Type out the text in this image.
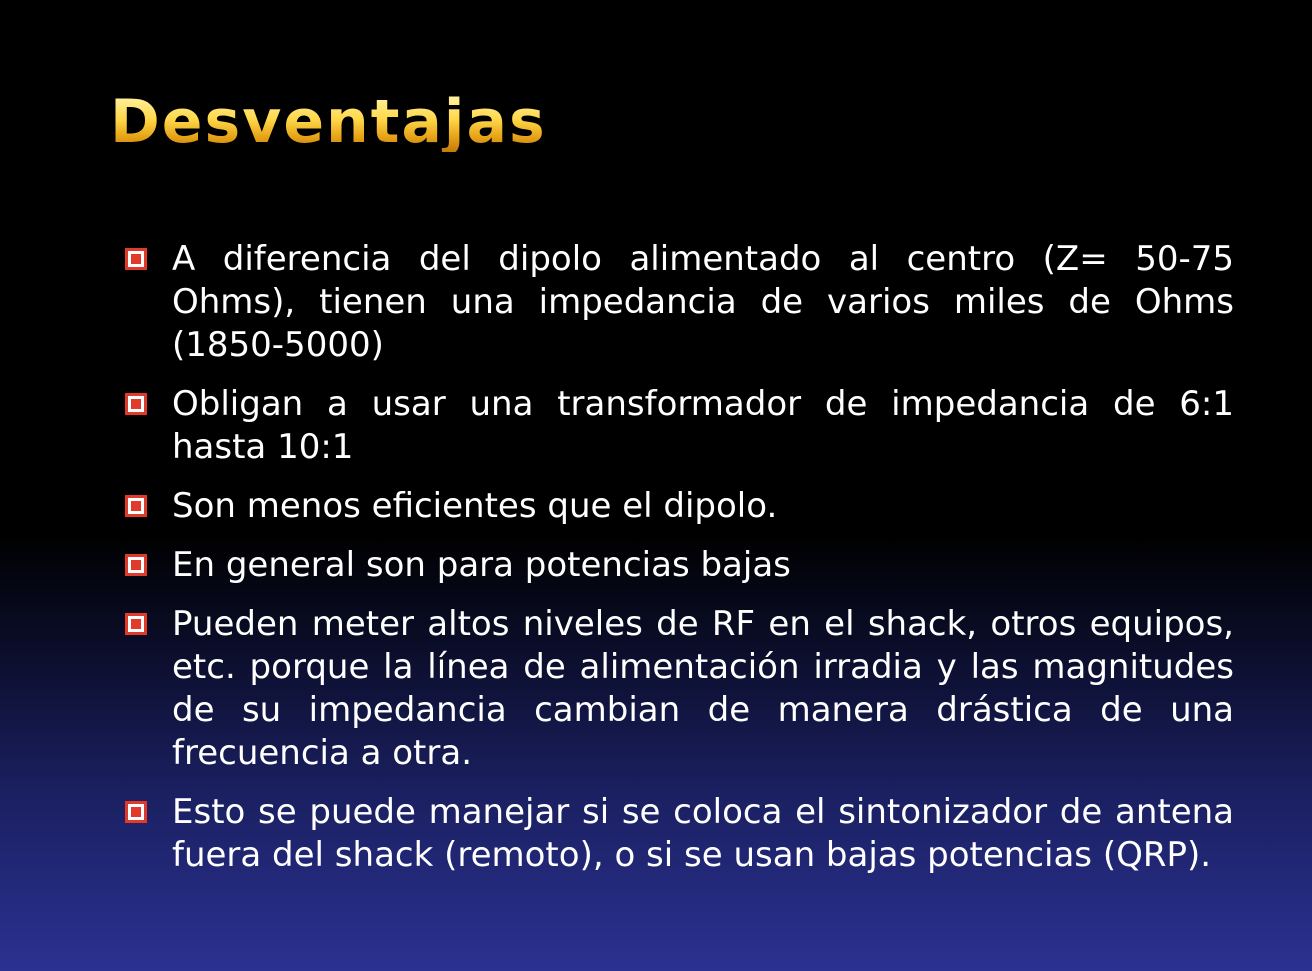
Desventajas
A diferencia del dipolo alimentado al centro (Z= 50-75 Ohms), tienen una impedancia de varios miles de Ohms (1850-5000)
Obligan a usar una transformador de impedancia de 6:1 hasta 10:1
Son menos eficientes que el dipolo.
En general son para potencias bajas
Pueden meter altos niveles de RF en el shack, otros equipos, etc. porque la línea de alimentación irradia y las magnitudes de su impedancia cambian de manera drástica de una frecuencia a otra.
Esto se puede manejar si se coloca el sintonizador de antena fuera del shack (remoto), o si se usan bajas potencias (QRP).
